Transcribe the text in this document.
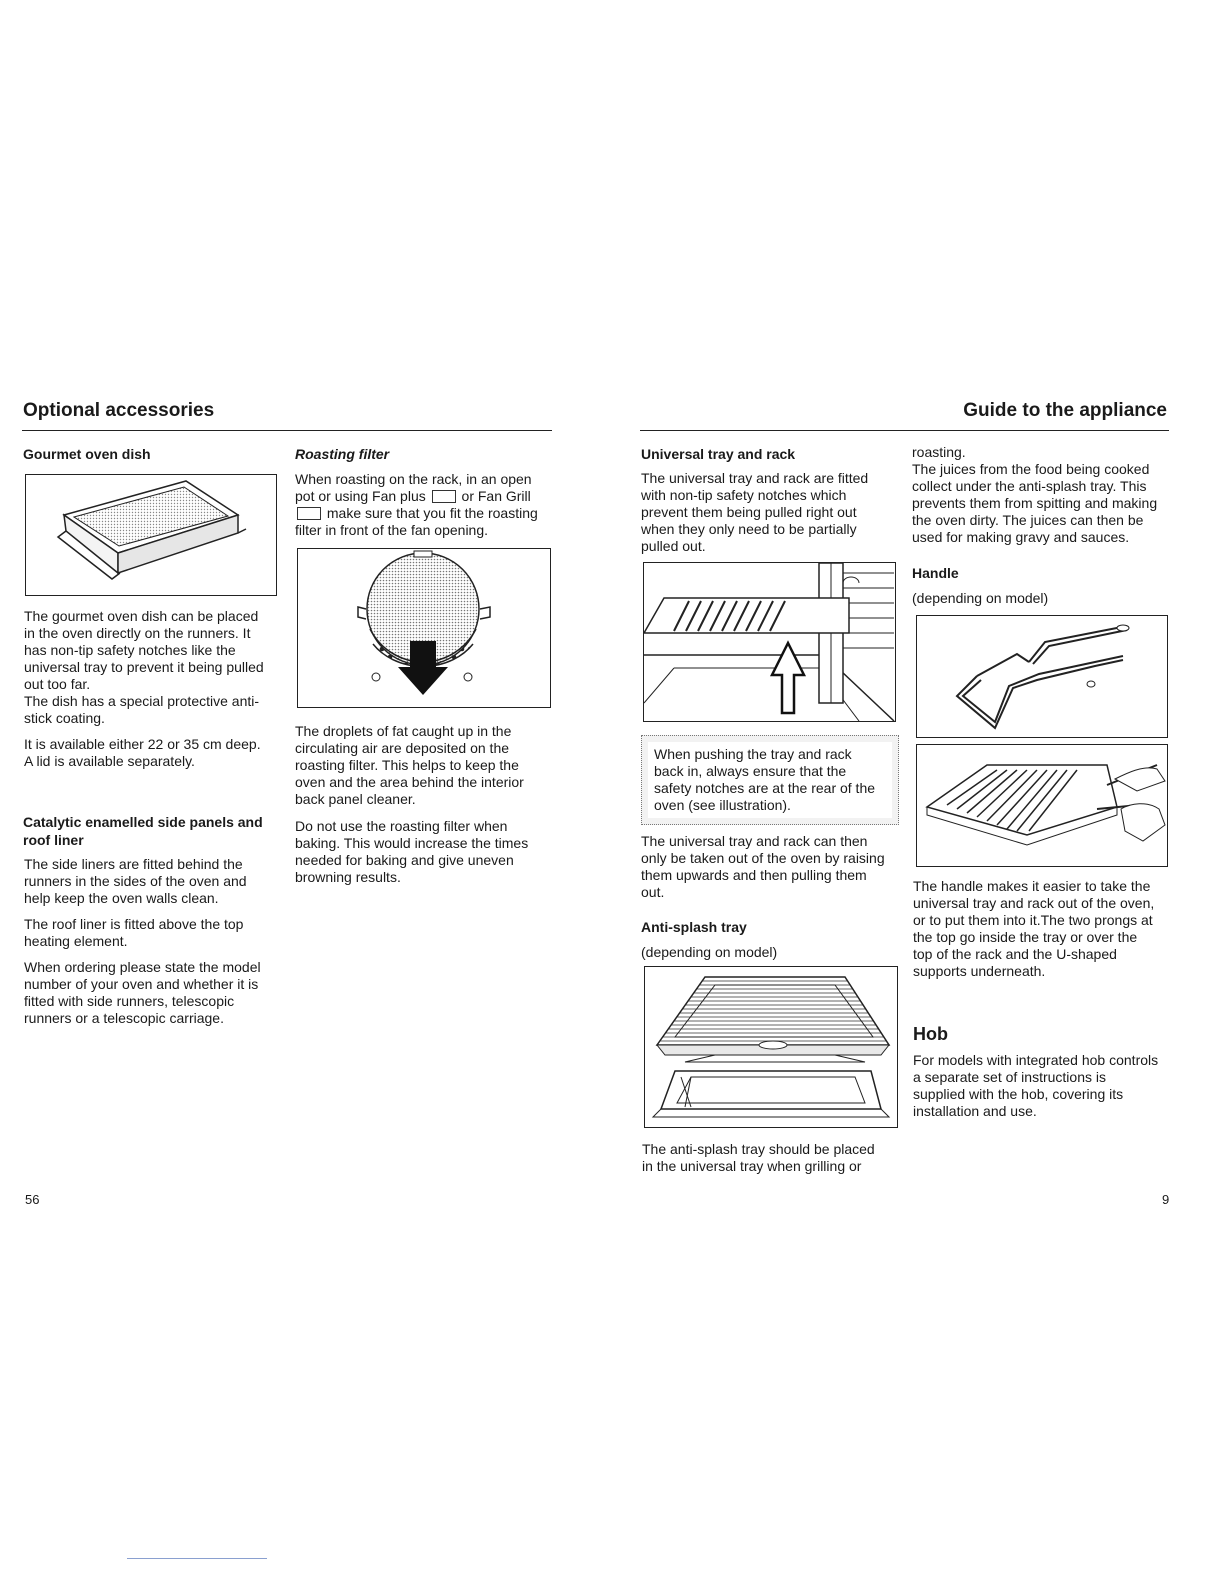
Optional accessories
Gourmet oven dish
The gourmet oven dish can be placed
in the oven directly on the runners. It
has non-tip safety notches like the
universal tray to prevent it being pulled
out too far.
The dish has a special protective anti-
stick coating.
It is available either 22 or 35 cm deep.
A lid is available separately.
Catalytic enamelled side panels and
roof liner
The side liners are fitted behind the
runners in the sides of the oven and
help keep the oven walls clean.
The roof liner is fitted above the top
heating element.
When ordering please state the model
number of your oven and whether it is
fitted with side runners, telescopic
runners or a telescopic carriage.
Roasting filter
When roasting on the rack, in an open
pot or using Fan plus	or Fan Grill
make sure that you fit the roasting
filter in front of the fan opening.
The droplets of fat caught up in the
circulating air are deposited on the
roasting filter. This helps to keep the
oven and the area behind the interior
back panel cleaner.
Do not use the roasting filter when
baking. This would increase the times
needed for baking and give uneven
browning results.
56
Guide to the appliance
Universal tray and rack
The universal tray and rack are fitted
with non-tip safety notches which
prevent them being pulled right out
when they only need to be partially
pulled out.
When pushing the tray and rack
back in, always ensure that the
safety notches are at the rear of the
oven (see illustration).
The universal tray and rack can then
only be taken out of the oven by raising
them upwards and then pulling them
out.
Anti-splash tray
(depending on model)
The anti-splash tray should be placed
in the universal tray when grilling or
roasting.
The juices from the food being cooked
collect under the anti-splash tray. This
prevents them from spitting and making
the oven dirty. The juices can then be
used for making gravy and sauces.
Handle
(depending on model)
The handle makes it easier to take the
universal tray and rack out of the oven,
or to put them into it.The two prongs at
the top go inside the tray or over the
top of the rack and the U-shaped
supports underneath.
Hob
For models with integrated hob controls
a separate set of instructions is
supplied with the hob, covering its
installation and use.
9
